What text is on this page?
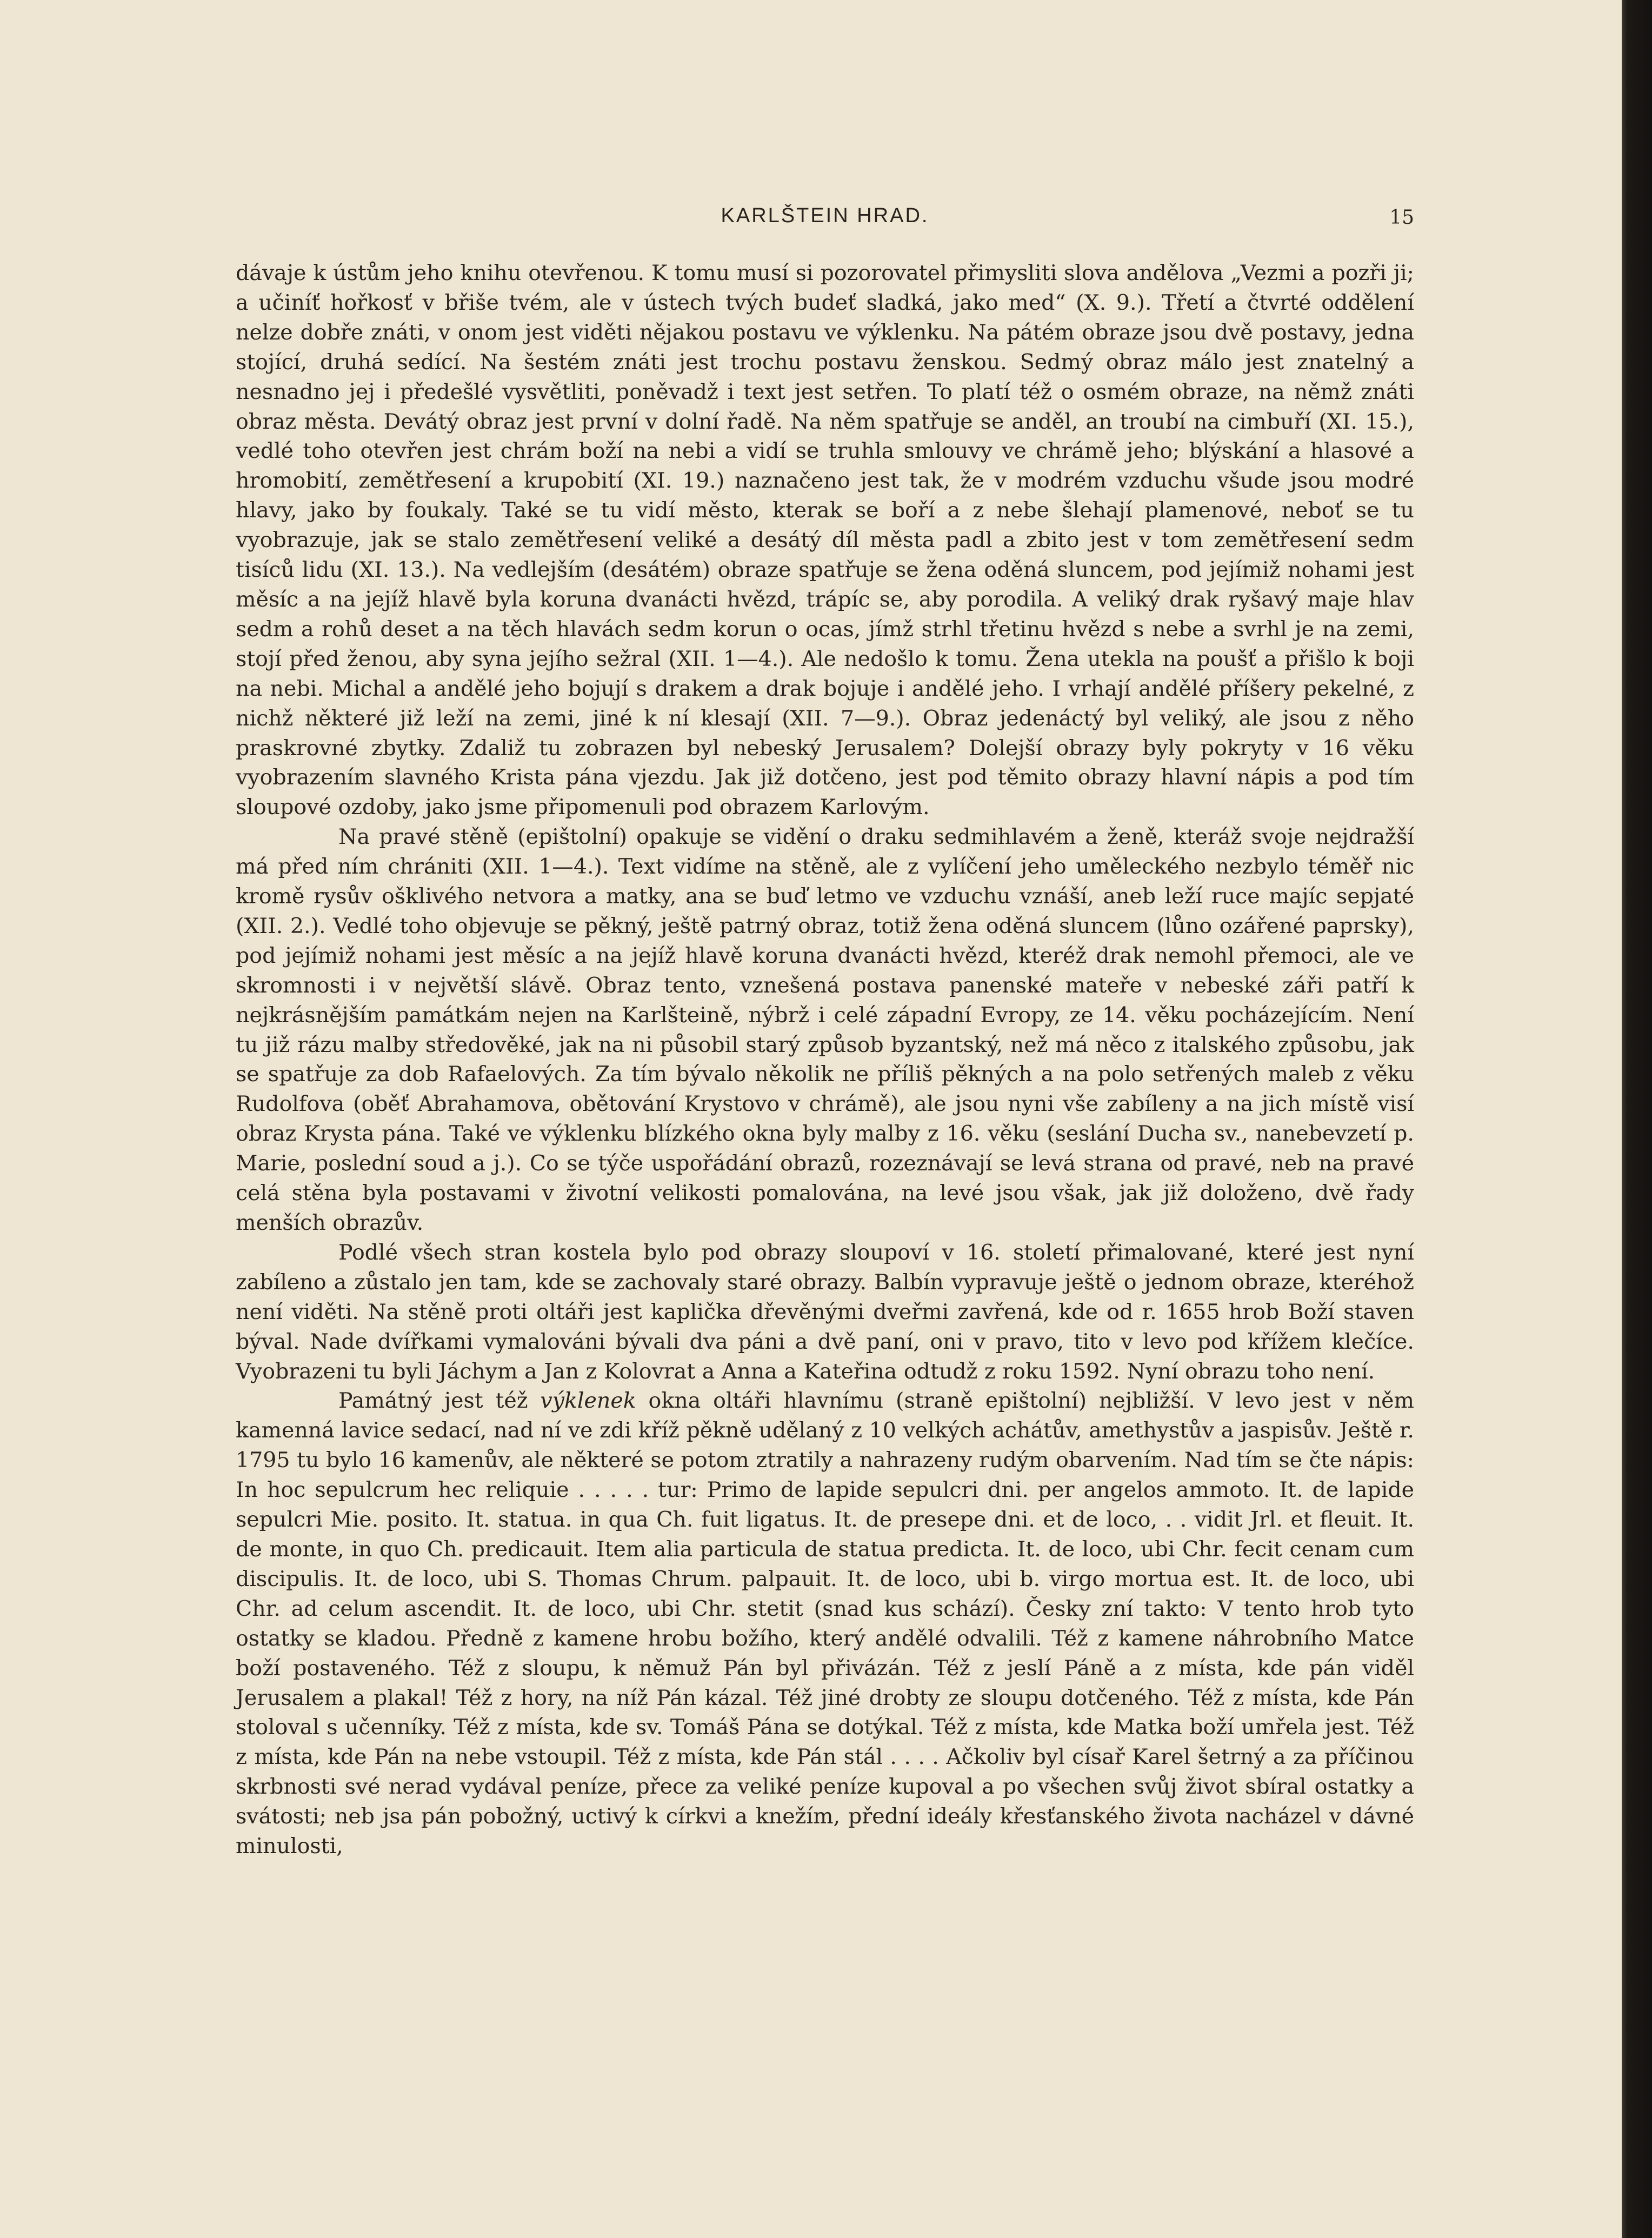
KARLŠTEIN HRAD.	15

dávaje k ústům jeho knihu otevřenou. K tomu musí si pozorovatel přimysliti slova andělova „Vezmi a pozři ji; a učiníť hořkosť v břiše tvém, ale v ústech tvých budeť sladká, jako med“ (X. 9.). Třetí a čtvrté oddělení nelze dobře znáti, v onom jest viděti nějakou postavu ve výklenku. Na pátém obraze jsou dvě postavy, jedna stojící, druhá sedící. Na šestém znáti jest trochu postavu ženskou. Sedmý obraz málo jest znatelný a nesnadno jej i předešlé vysvětliti, poněvadž i text jest setřen. To platí též o osmém obraze, na němž znáti obraz města. Devátý obraz jest první v dolní řadě. Na něm spatřuje se anděl, an troubí na cimbuří (XI. 15.), vedlé toho otevřen jest chrám boží na nebi a vidí se truhla smlouvy ve chrámě jeho; blýskání a hlasové a hromobití, zemětřesení a krupobití (XI. 19.) naznačeno jest tak, že v modrém vzduchu všude jsou modré hlavy, jako by foukaly. Také se tu vidí město, kterak se boří a z nebe šlehají plamenové, neboť se tu vyobrazuje, jak se stalo zemětřesení veliké a desátý díl města padl a zbito jest v tom zemětřesení sedm tisíců lidu (XI. 13.). Na vedlejším (desátém) obraze spatřuje se žena oděná sluncem, pod jejímiž nohami jest měsíc a na jejíž hlavě byla koruna dvanácti hvězd, trápíc se, aby porodila. A veliký drak ryšavý maje hlav sedm a rohů deset a na těch hlavách sedm korun o ocas, jímž strhl třetinu hvězd s nebe a svrhl je na zemi, stojí před ženou, aby syna jejího sežral (XII. 1—4.). Ale nedošlo k tomu. Žena utekla na poušť a přišlo k boji na nebi. Michal a andělé jeho bojují s drakem a drak bojuje i andělé jeho. I vrhají andělé příšery pekelné, z nichž některé již leží na zemi, jiné k ní klesají (XII. 7—9.). Obraz jedenáctý byl veliký, ale jsou z něho praskrovné zbytky. Zdaliž tu zobrazen byl nebeský Jerusalem? Dolejší obrazy byly pokryty v 16 věku vyobrazením slavného Krista pána vjezdu. Jak již dotčeno, jest pod těmito obrazy hlavní nápis a pod tím sloupové ozdoby, jako jsme připomenuli pod obrazem Karlovým.

Na pravé stěně (epištolní) opakuje se vidění o draku sedmihlavém a ženě, kteráž svoje nejdražší má před ním chrániti (XII. 1—4.). Text vidíme na stěně, ale z vylíčení jeho uměleckého nezbylo téměř nic kromě rysův ošklivého netvora a matky, ana se buď letmo ve vzduchu vznáší, aneb leží ruce majíc sepjaté (XII. 2.). Vedlé toho objevuje se pěkný, ještě patrný obraz, totiž žena oděná sluncem (lůno ozářené paprsky), pod jejímiž nohami jest měsíc a na jejíž hlavě koruna dvanácti hvězd, kteréž drak nemohl přemoci, ale ve skromnosti i v největší slávě. Obraz tento, vznešená postava panenské mateře v nebeské záři patří k nejkrásnějším památkám nejen na Karlšteině, nýbrž i celé západní Evropy, ze 14. věku pocházejícím. Není tu již rázu malby středověké, jak na ni působil starý způsob byzantský, než má něco z italského způsobu, jak se spatřuje za dob Rafaelových. Za tím bývalo několik ne příliš pěkných a na polo setřených maleb z věku Rudolfova (oběť Abrahamova, obětování Krystovo v chrámě), ale jsou nyni vše zabíleny a na jich místě visí obraz Krysta pána. Také ve výklenku blízkého okna byly malby z 16. věku (seslání Ducha sv., nanebevzetí p. Marie, poslední soud a j.). Co se týče uspořádání obrazů, rozeznávají se levá strana od pravé, neb na pravé celá stěna byla postavami v životní velikosti pomalována, na levé jsou však, jak již doloženo, dvě řady menších obrazův.

Podlé všech stran kostela bylo pod obrazy sloupoví v 16. století přimalované, které jest nyní zabíleno a zůstalo jen tam, kde se zachovaly staré obrazy. Balbín vypravuje ještě o jednom obraze, kteréhož není viděti. Na stěně proti oltáři jest kaplička dřevěnými dveřmi zavřená, kde od r. 1655 hrob Boží staven býval. Nade dvířkami vymalováni bývali dva páni a dvě paní, oni v pravo, tito v levo pod křížem klečíce. Vyobrazeni tu byli Jáchym a Jan z Kolovrat a Anna a Kateřina odtudž z roku 1592. Nyní obrazu toho není.

Památný jest též výklenek okna oltáři hlavnímu (straně epištolní) nejbližší. V levo jest v něm kamenná lavice sedací, nad ní ve zdi kříž pěkně udělaný z 10 velkých achátův, amethystův a jaspisův. Ještě r. 1795 tu bylo 16 kamenův, ale některé se potom ztratily a nahrazeny rudým obarvením. Nad tím se čte nápis: In hoc sepulcrum hec reliquie . . . . . tur: Primo de lapide sepulcri dni. per angelos ammoto. It. de lapide sepulcri Mie. posito. It. statua. in qua Ch. fuit ligatus. It. de presepe dni. et de loco, . . vidit Jrl. et fleuit. It. de monte, in quo Ch. predicauit. Item alia particula de statua predicta. It. de loco, ubi Chr. fecit cenam cum discipulis. It. de loco, ubi S. Thomas Chrum. palpauit. It. de loco, ubi b. virgo mortua est. It. de loco, ubi Chr. ad celum ascendit. It. de loco, ubi Chr. stetit (snad kus schází). Česky zní takto: V tento hrob tyto ostatky se kladou. Předně z kamene hrobu božího, který andělé odvalili. Též z kamene náhrobního Matce boží postaveného. Též z sloupu, k němuž Pán byl přivázán. Též z jeslí Páně a z místa, kde pán viděl Jerusalem a plakal! Též z hory, na níž Pán kázal. Též jiné drobty ze sloupu dotčeného. Též z místa, kde Pán stoloval s učenníky. Též z místa, kde sv. Tomáš Pána se dotýkal. Též z místa, kde Matka boží umřela jest. Též z místa, kde Pán na nebe vstoupil. Též z místa, kde Pán stál . . . . Ačkoliv byl císař Karel šetrný a za příčinou skrbnosti své nerad vydával peníze, přece za veliké peníze kupoval a po všechen svůj život sbíral ostatky a svátosti; neb jsa pán pobožný, uctivý k církvi a knežím, přední ideály křesťanského života nacházel v dávné minulosti,
